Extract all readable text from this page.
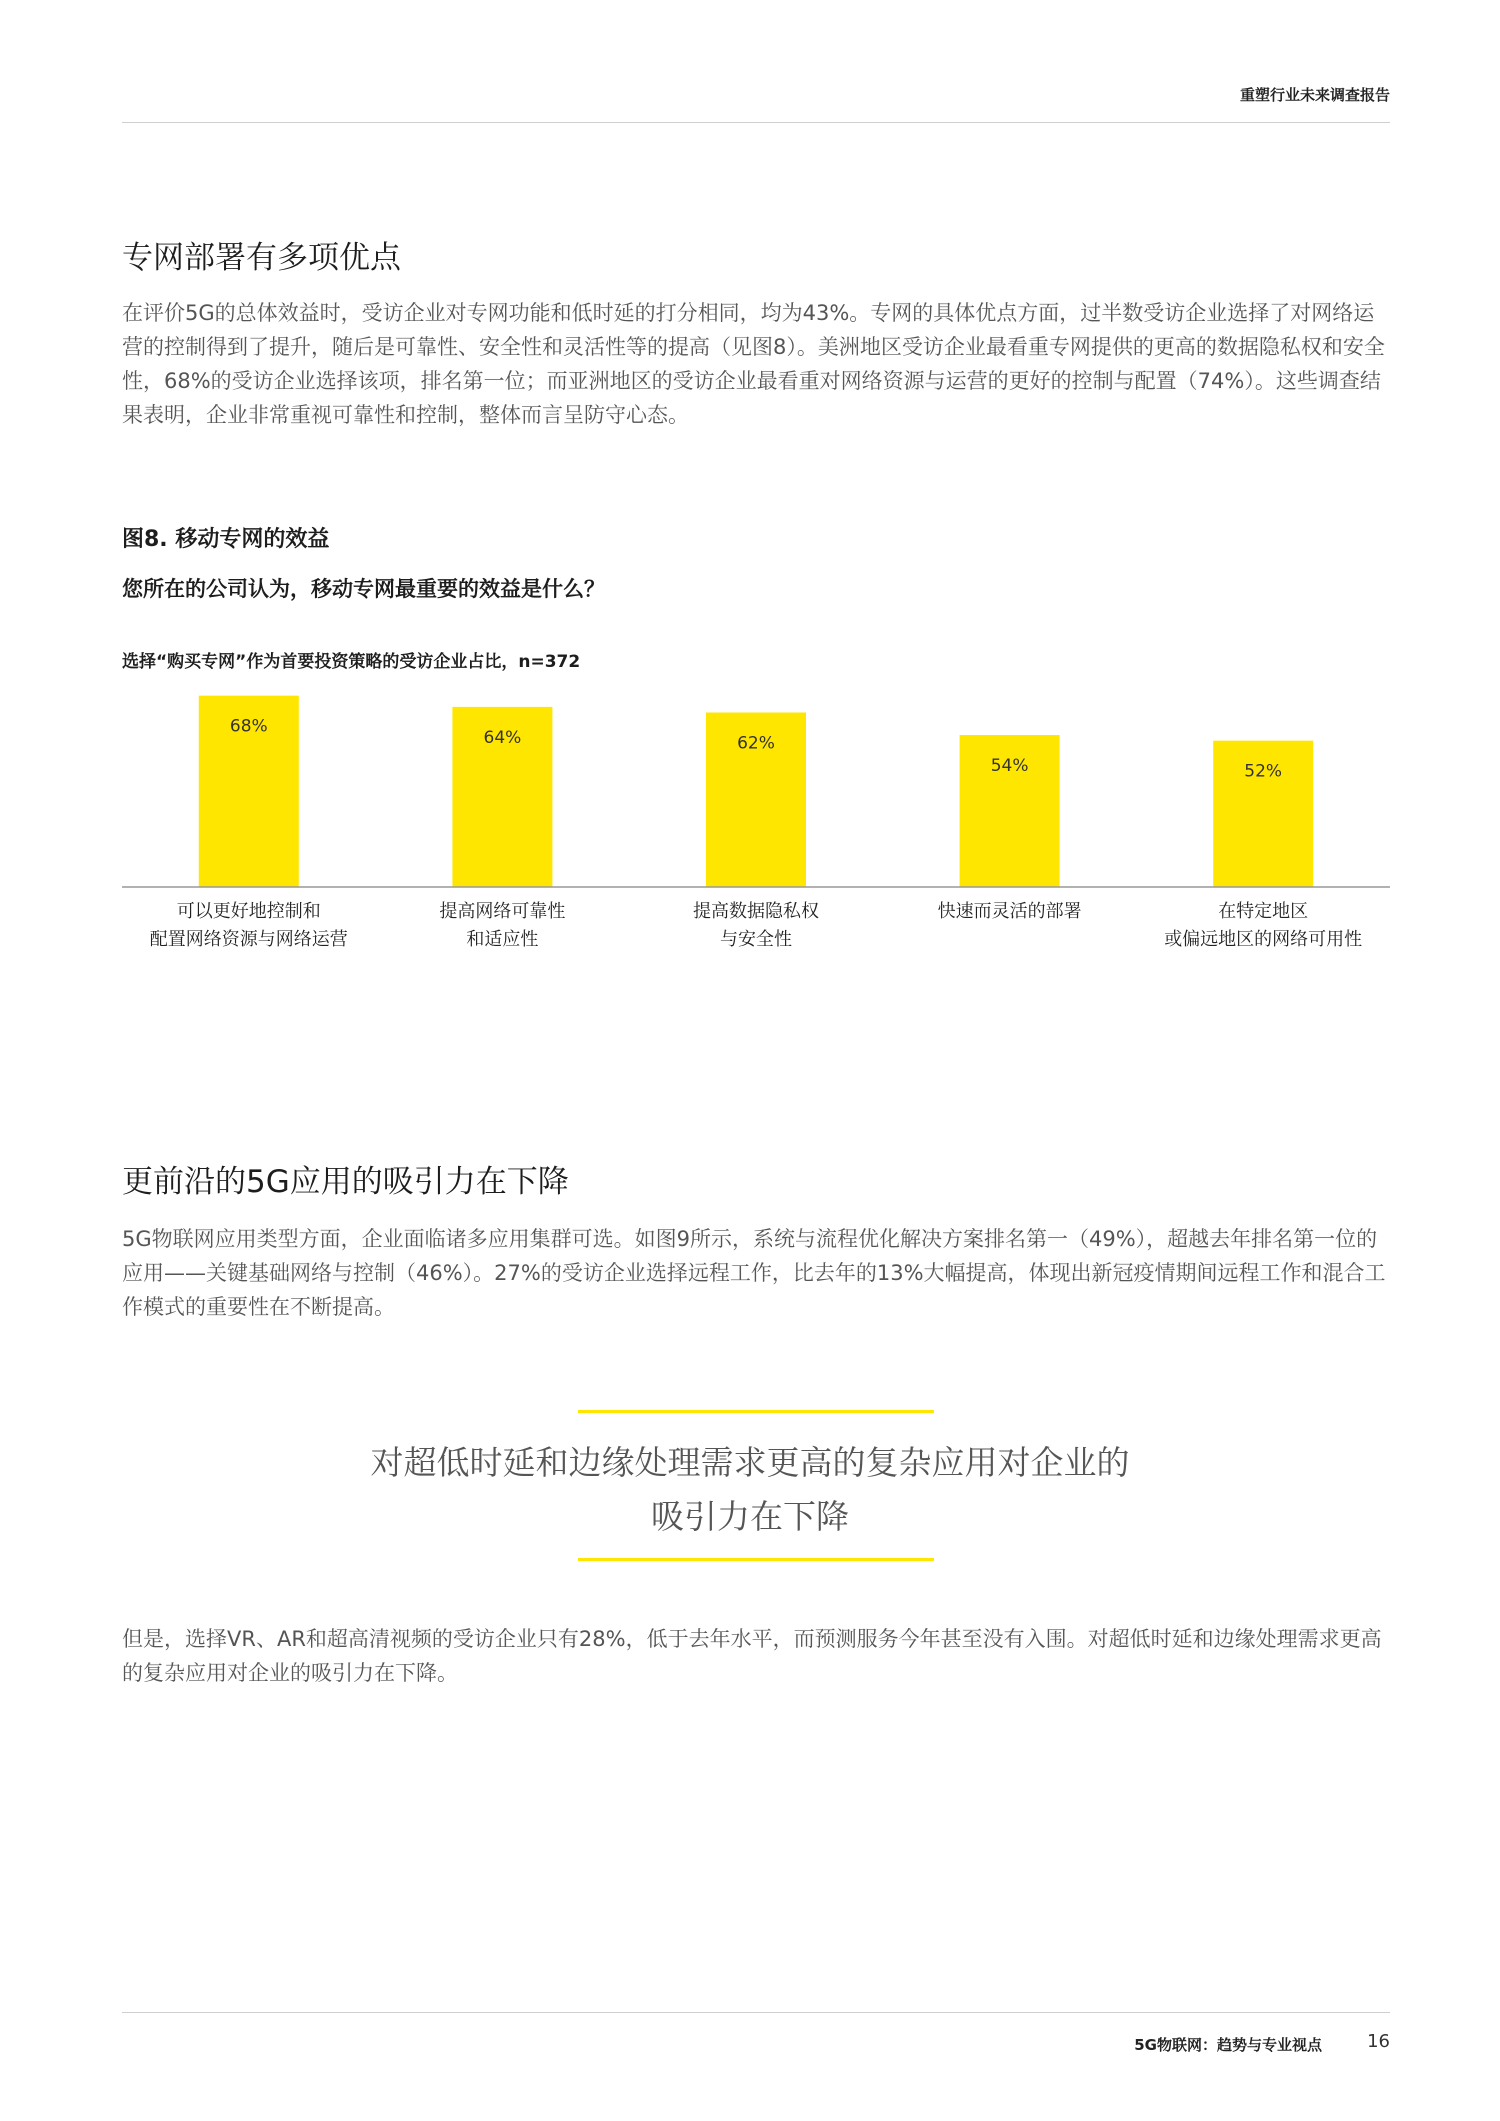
重塑行业未来调查报告
专网部署有多项优点
在评价5G的总体效益时，受访企业对专网功能和低时延的打分相同，均为43%。专网的具体优点方面，过半数受访企业选择了对网络运营的控制得到了提升，随后是可靠性、安全性和灵活性等的提高（见图8）。美洲地区受访企业最看重专网提供的更高的数据隐私权和安全性，68%的受访企业选择该项，排名第一位；而亚洲地区的受访企业最看重对网络资源与运营的更好的控制与配置（74%）。这些调查结果表明，企业非常重视可靠性和控制，整体而言呈防守心态。
图8. 移动专网的效益
您所在的公司认为，移动专网最重要的效益是什么？
选择“购买专网”作为首要投资策略的受访企业占比，n=372
68%
可以更好地控制和
配置网络资源与网络运营
64%
提高网络可靠性
和适应性
62%
提高数据隐私权
与安全性
54%
快速而灵活的部署
52%
在特定地区
或偏远地区的网络可用性
更前沿的5G应用的吸引力在下降
5G物联网应用类型方面，企业面临诸多应用集群可选。如图9所示，系统与流程优化解决方案排名第一（49%），超越去年排名第一位的应用——关键基础网络与控制（46%）。27%的受访企业选择远程工作，比去年的13%大幅提高，体现出新冠疫情期间远程工作和混合工作模式的重要性在不断提高。
对超低时延和边缘处理需求更高的复杂应用对企业的
吸引力在下降
但是，选择VR、AR和超高清视频的受访企业只有28%，低于去年水平，而预测服务今年甚至没有入围。对超低时延和边缘处理需求更高的复杂应用对企业的吸引力在下降。
5G物联网：趋势与专业视点	16
